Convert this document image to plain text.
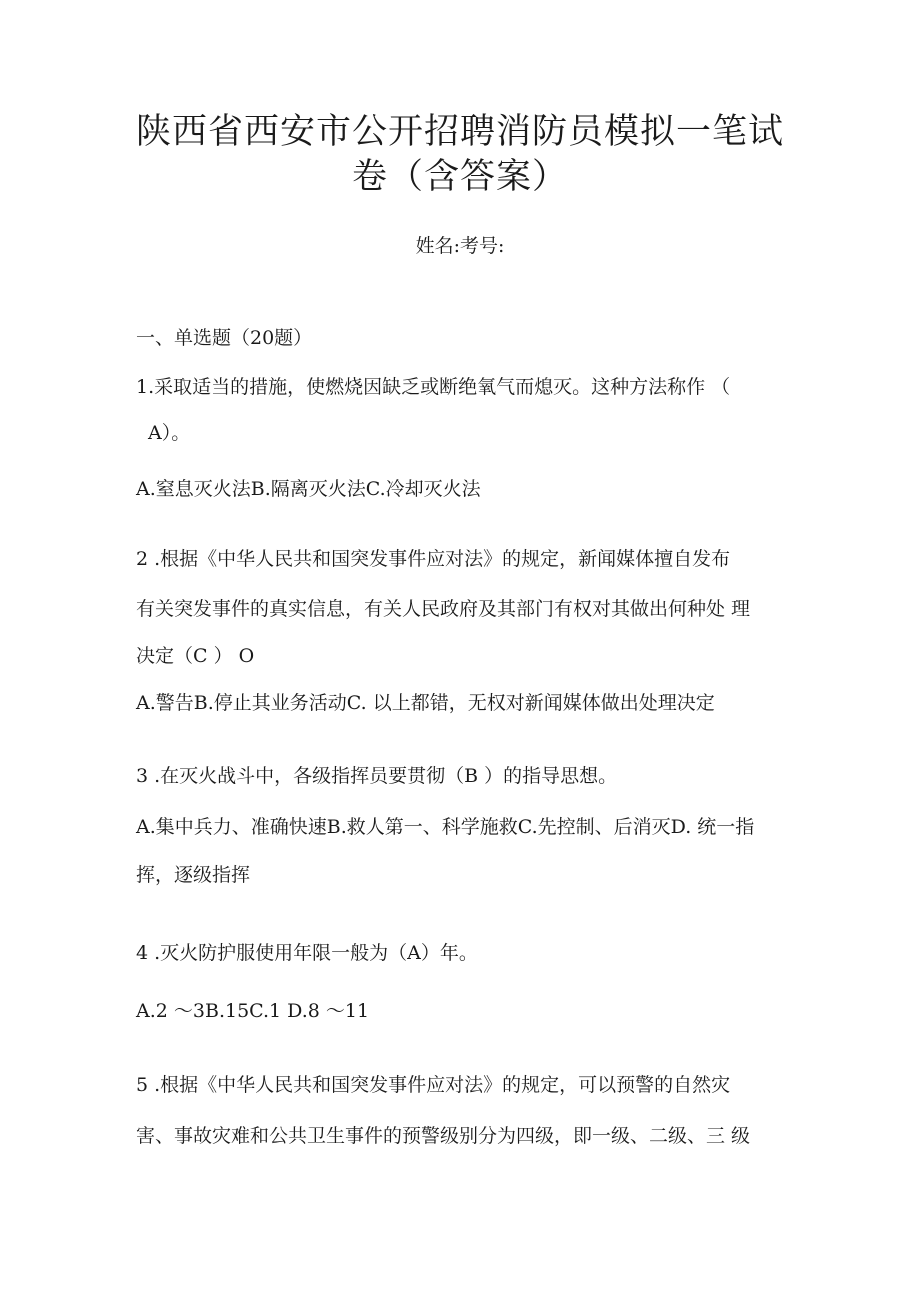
陕西省西安市公开招聘消防员模拟一笔试
卷（含答案）

姓名:考号:

一、单选题（20题）

1.采取适当的措施，使燃烧因缺乏或断绝氧气而熄灭。这种方法称作 （

A）。

A.窒息灭火法B.隔离灭火法C.冷却灭火法

2 .根据《中华人民共和国突发事件应对法》的规定，新闻媒体擅自发布

有关突发事件的真实信息，有关人民政府及其部门有权对其做出何种处 理

决定（C ） O

A.警告B.停止其业务活动C. 以上都错，无权对新闻媒体做出处理决定

3 .在灭火战斗中，各级指挥员要贯彻（B ）的指导思想。

A.集中兵力、准确快速B.救人第一、科学施救C.先控制、后消灭D. 统一指

挥，逐级指挥

4 .灭火防护服使用年限一般为（A）年。

A.2 ～3B.15C.1 D.8 ～11

5 .根据《中华人民共和国突发事件应对法》的规定，可以预警的自然灾

害、事故灾难和公共卫生事件的预警级别分为四级，即一级、二级、三 级
